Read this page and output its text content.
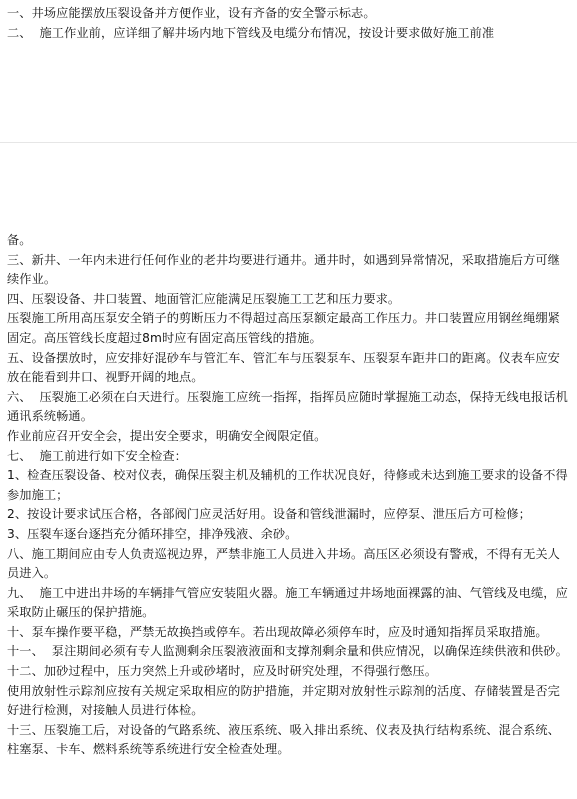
一、井场应能摆放压裂设备并方便作业，设有齐备的安全警示标志。
二、  施工作业前，应详细了解井场内地下管线及电缆分布情况，按设计要求做好施工前准
备。
三、新井、一年内未进行任何作业的老井均要进行通井。通井时，如遇到异常情况，采取措施后方可继续作业。
四、压裂设备、井口装置、地面管汇应能满足压裂施工工艺和压力要求。
压裂施工所用高压泵安全销子的剪断压力不得超过高压泵额定最高工作压力。井口装置应用钢丝绳绷紧固定。高压管线长度超过8m时应有固定高压管线的措施。
五、设备摆放时，应安排好混砂车与管汇车、管汇车与压裂泵车、压裂泵车距井口的距离。仪表车应安放在能看到井口、视野开阔的地点。
六、  压裂施工必须在白天进行。压裂施工应统一指挥，指挥员应随时掌握施工动态，保持无线电报话机通讯系统畅通。
作业前应召开安全会，提出安全要求，明确安全阀限定值。
七、  施工前进行如下安全检查：
1、检查压裂设备、校对仪表，确保压裂主机及辅机的工作状况良好，待修或未达到施工要求的设备不得参加施工；
2、按设计要求试压合格，各部阀门应灵活好用。设备和管线泄漏时，应停泵、泄压后方可检修；
3、压裂车逐台逐挡充分循环排空，排净残液、余砂。
八、施工期间应由专人负责巡视边界，严禁非施工人员进入井场。高压区必须设有警戒，不得有无关人员进入。
九、  施工中进出井场的车辆排气管应安装阻火器。施工车辆通过井场地面裸露的油、气管线及电缆，应采取防止碾压的保护措施。
十、泵车操作要平稳，严禁无故换挡或停车。若出现故障必须停车时，应及时通知指挥员采取措施。
十一、  泵注期间必须有专人监测剩余压裂液液面和支撑剂剩余量和供应情况，以确保连续供液和供砂。
十二、加砂过程中，压力突然上升或砂堵时，应及时研究处理，不得强行憋压。
使用放射性示踪剂应按有关规定采取相应的防护措施，并定期对放射性示踪剂的活度、存储装置是否完好进行检测，对接触人员进行体检。
十三、压裂施工后，对设备的气路系统、液压系统、吸入排出系统、仪表及执行结构系统、混合系统、柱塞泵、卡车、燃料系统等系统进行安全检查处理。
